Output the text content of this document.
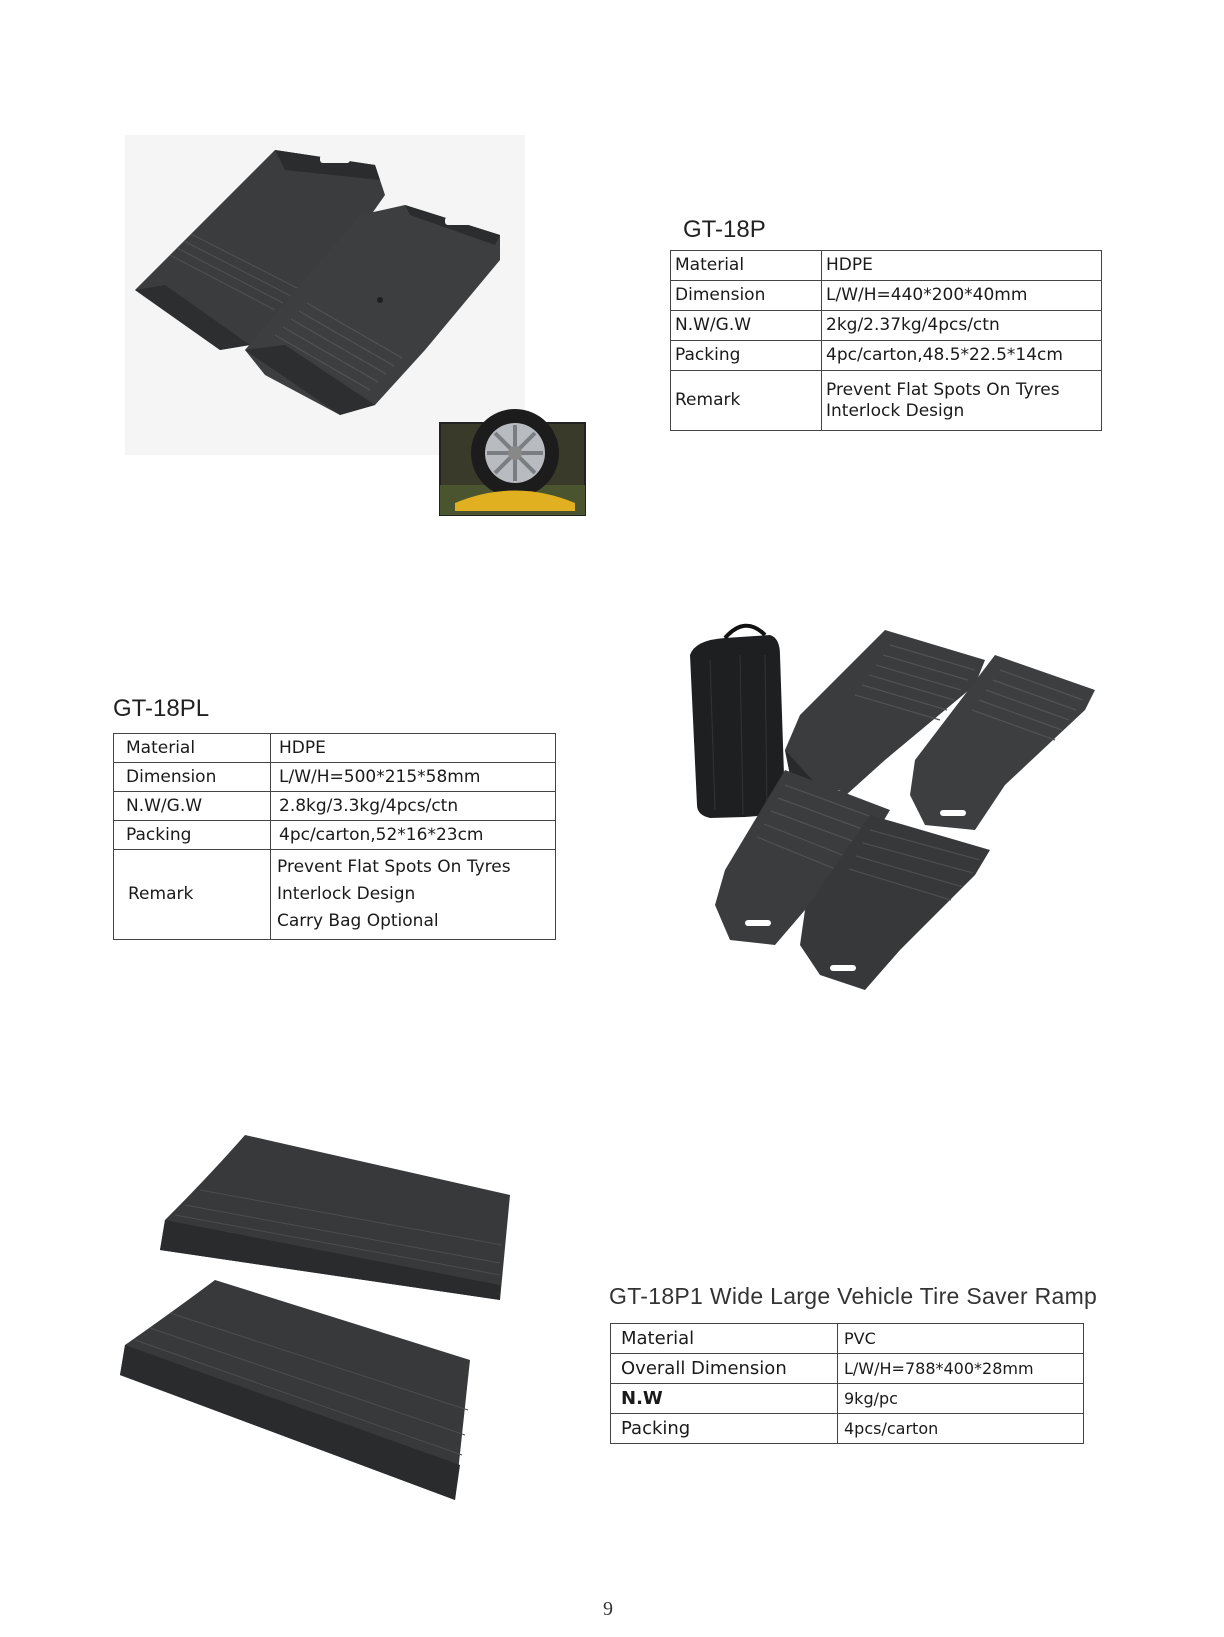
GT-18P
Material	HDPE
Dimension	L/W/H=440*200*40mm
N.W/G.W	2kg/2.37kg/4pcs/ctn
Packing	4pc/carton,48.5*22.5*14cm
Remark	Prevent Flat Spots On Tyres
Interlock Design
GT-18PL
Material	HDPE
Dimension	L/W/H=500*215*58mm
N.W/G.W	2.8kg/3.3kg/4pcs/ctn
Packing	4pc/carton,52*16*23cm
Remark	Prevent Flat Spots On Tyres
Interlock Design
Carry Bag Optional
GT-18P1 Wide Large Vehicle Tire Saver Ramp
Material	PVC
Overall Dimension	L/W/H=788*400*28mm
N.W	9kg/pc
Packing	4pcs/carton
9
